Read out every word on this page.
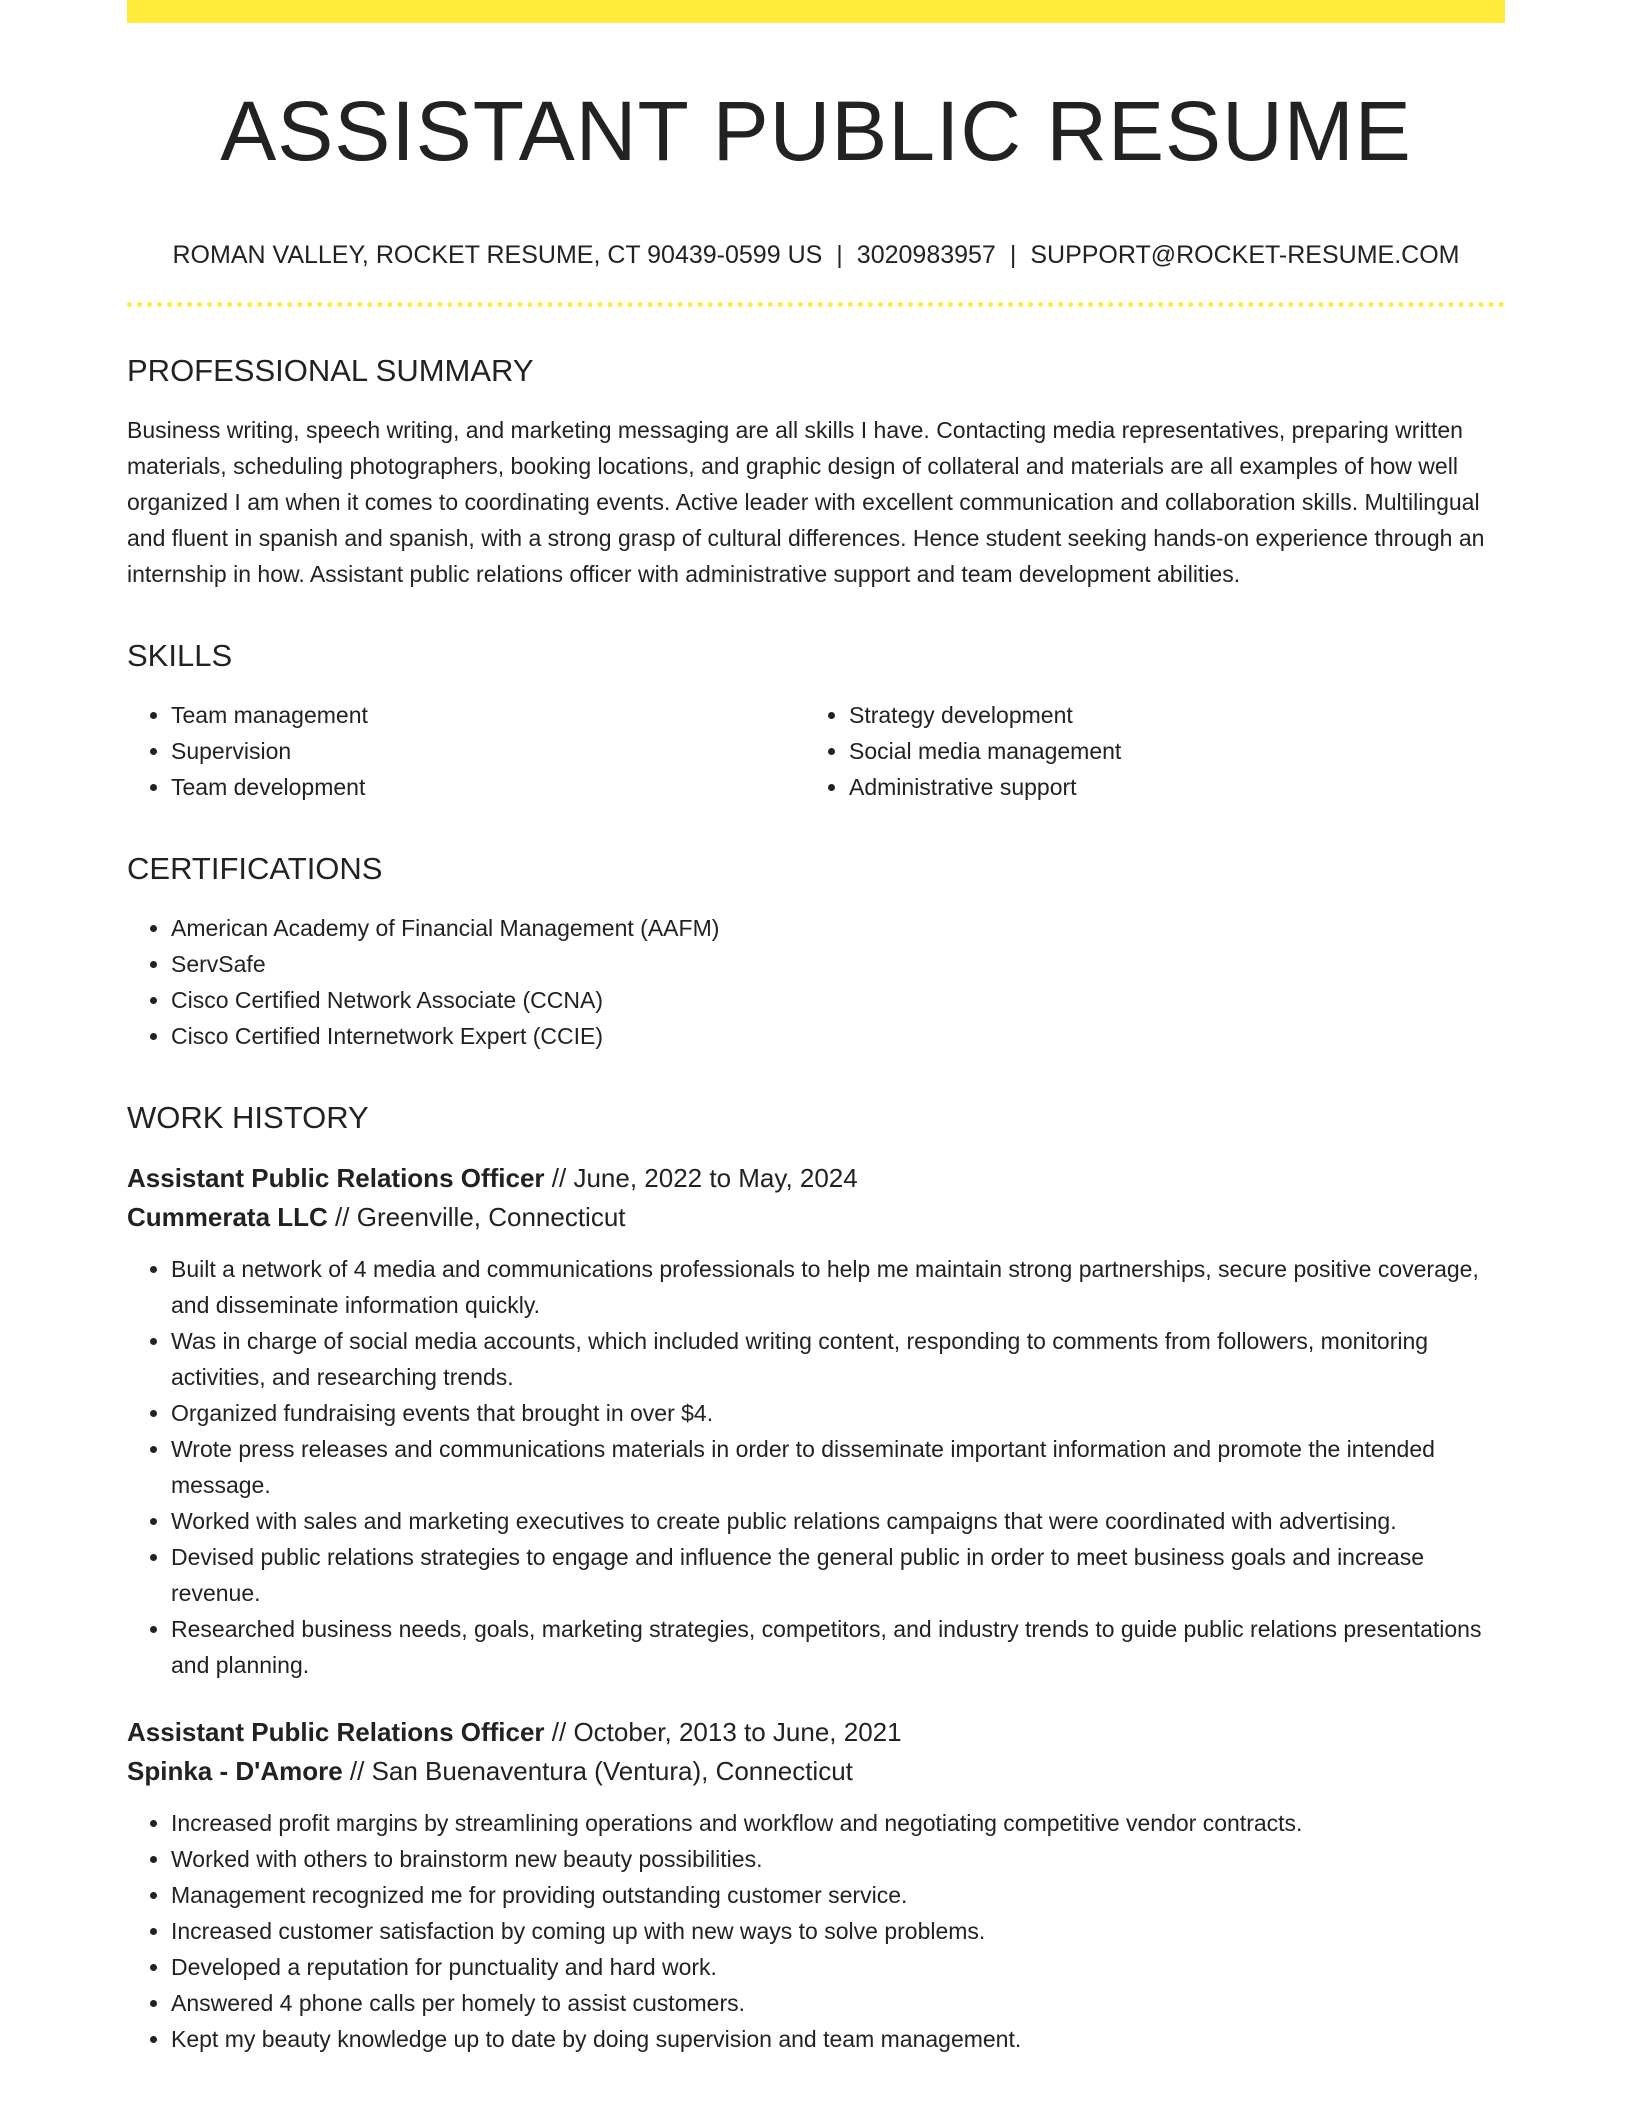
ASSISTANT PUBLIC RESUME
ROMAN VALLEY, ROCKET RESUME, CT 90439-0599 US | 3020983957 | SUPPORT@ROCKET-RESUME.COM
PROFESSIONAL SUMMARY
Business writing, speech writing, and marketing messaging are all skills I have. Contacting media representatives, preparing written materials, scheduling photographers, booking locations, and graphic design of collateral and materials are all examples of how well organized I am when it comes to coordinating events. Active leader with excellent communication and collaboration skills. Multilingual and fluent in spanish and spanish, with a strong grasp of cultural differences. Hence student seeking hands-on experience through an internship in how. Assistant public relations officer with administrative support and team development abilities.
SKILLS
• Team management
• Supervision
• Team development
• Strategy development
• Social media management
• Administrative support
CERTIFICATIONS
• American Academy of Financial Management (AAFM)
• ServSafe
• Cisco Certified Network Associate (CCNA)
• Cisco Certified Internetwork Expert (CCIE)
WORK HISTORY
Assistant Public Relations Officer // June, 2022 to May, 2024
Cummerata LLC // Greenville, Connecticut
• Built a network of 4 media and communications professionals to help me maintain strong partnerships, secure positive coverage, and disseminate information quickly.
• Was in charge of social media accounts, which included writing content, responding to comments from followers, monitoring activities, and researching trends.
• Organized fundraising events that brought in over $4.
• Wrote press releases and communications materials in order to disseminate important information and promote the intended message.
• Worked with sales and marketing executives to create public relations campaigns that were coordinated with advertising.
• Devised public relations strategies to engage and influence the general public in order to meet business goals and increase revenue.
• Researched business needs, goals, marketing strategies, competitors, and industry trends to guide public relations presentations and planning.
Assistant Public Relations Officer // October, 2013 to June, 2021
Spinka - D'Amore // San Buenaventura (Ventura), Connecticut
• Increased profit margins by streamlining operations and workflow and negotiating competitive vendor contracts.
• Worked with others to brainstorm new beauty possibilities.
• Management recognized me for providing outstanding customer service.
• Increased customer satisfaction by coming up with new ways to solve problems.
• Developed a reputation for punctuality and hard work.
• Answered 4 phone calls per homely to assist customers.
• Kept my beauty knowledge up to date by doing supervision and team management.
